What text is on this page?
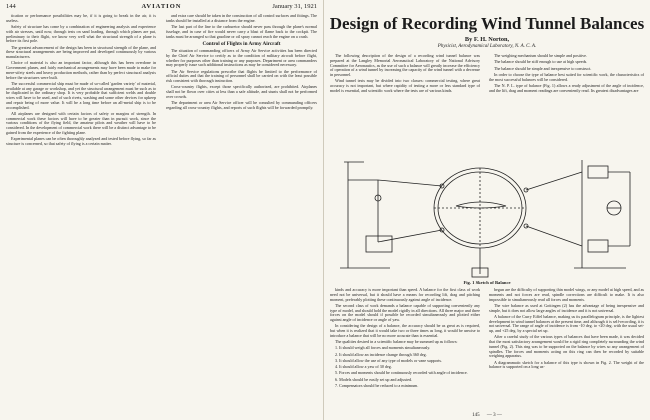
144	AVIATION	January 31, 1921

tication or performance possibilities may be, if it is going to break in the air, it is useless.

Safety of structure has come by a combination of engineering analysis and experience with air stresses, until now, through tests on sand loading, through which planes are put, preliminary to their flight, we know very well what the structural strength of a plane is before its first pole.

The greatest advancement of the design has been in structural strength of the plane, and these structural arrangements are being improved and developed continuously by various manufacturers.

Choice of material is also an important factor, although this has been overdone in Government planes, and fairly mechanical arrangements may have been made to make for mere-sifety steels and heavy production methods, rather than by perfect structural analysis before the structures were built.

The successful commercial ship must be made of so-called 'garden variety' of material, available at any garage or workshop, and yet the structural arrangement must be such as to be duplicated in the ordinary shop. It is very probable that sufficient welds and double wires will have to be used, and of such rivets, washing and some other devices for upkeep and repair being of more value. It will be a long time before an all-metal ship is to be accomplished.

All airplanes are designed with certain factors of safety or margins of strength. In commercial work these factors will have to be greater than in pursuit work, since the various conditions of the flying field, the amateur pilots and weather will have to be considered. In the development of commercial work there will be a distinct advantage to be gained from the experience of the fighting plane.

Experimental planes can be often thoroughly analyzed and tested before flying, so far as structure is concerned, so that safety of flying is a certain matter.

and extra care should be taken in the construction of all control surfaces and fittings. The tanks should be installed at a distance from the engine.

The last part of the line to the carburetor should never pass through the plane's normal fuselage, and in case of fire would never carry a blast of flame back to the cockpit. The tanks must be arranged so that gasoline or oil spray cannot reach the engine on a crash.

Control of Flights in Army Aircraft

The situation of commanding officers of Army Air Service activities has been directed by the Chief Air Service to certify as to the condition of military aircraft before flight, whether for purposes other than training or any purposes. Department or area commanders may properly issue such additional instructions as may be considered necessary.

The Air Service regulations prescribe that flights be limited to the performance of official duties and that the training of personnel shall be carried on with the least possible risk consistent with thorough instruction.

Cross-country flights, except those specifically authorized, are prohibited. Airplanes shall not be flown over cities at less than a safe altitude, and stunts shall not be performed over crowds.

The department or area Air Service officer will be consulted by commanding officers regarding all cross-country flights, and reports of such flights will be forwarded promptly.

Design of Recording Wind Tunnel Balances
By F. H. Norton,
Physicist, Aerodynamical Laboratory, N. A. C. A.

The following description of the design of a recording wind tunnel balance was prepared at the Langley Memorial Aeronautical Laboratory of the National Advisory Committee for Aeronautics, as the use of such a balance will greatly increase the efficiency of operation of a wind tunnel by increasing the capacity of the wind tunnel with a decrease in personnel.

Wind tunnel tests may be divided into two classes: commercial testing, where great accuracy is not important, but where rapidity of testing a more or less standard type of model is essential, and scientific work where the tests are of various kinds.

The weighing mechanism should be simple and positive.

The balance should be stiff enough to use at high speeds.

The balance should be simple and inexpensive to construct.

In order to choose the type of balance best suited for scientific work, the characteristics of the most successful balances will be considered.

The N. P. L. type of balance (Fig. 1) allows a ready adjustment of the angle of incidence, and the lift, drag and moment readings are conveniently read. Its greatest disadvantages are

Fig. 1 Sketch of Balance

kinds and accuracy is more important than speed. A balance for the first class of work need not be universal, but it should have a means for recording lift, drag and pitching moment, preferably plotting these continuously against angle of incidence.

The second class of work demands a balance capable of supporting conveniently any type of model, and should hold the model rigidly in all directions. All three major and three forces on the model should if possible be recorded simultaneously and plotted either against angle of incidence or angle of yaw.

In considering the design of a balance, the accuracy should be as great as is required, but when it is realized that it would take two or three times as long, it would be unwise to introduce a balance that will be no more accurate than is essential.

The qualities desired in a scientific balance may be summed up as follows:

1. It should weigh all forces and moments simultaneously.

2. It should allow an incidence change through 360 deg.

3. It should allow the use of any type of models or vane supports.

4. It should allow a yaw of 30 deg.

5. Forces and moments should be continuously recorded with angle of incidence.

6. Models should be easily set up and adjusted.

7. Compensators should be reduced to a minimum.

begun are the difficulty of supporting thin model wings, or any model at high speed, and as moments and not forces are read, spindle corrections are difficult to make. It is also impossible to simultaneously read all forces and moments.

The wire balance as used at Gottingen (2) has the advantage of being inexpensive and simple, but it does not allow large angles of incidence and it is not universal.

A balance of the Curry Eiffel balance, making us its parallelogram principle, is the lightest development in wind tunnel balances at the present time, and although it is self-recording, it is not universal. The range of angle of incidence is from -10 deg. to +20 deg. with the usual set-up, and +25 deg. by a special set up.

After a careful study of the various types of balances that have been made, it was decided that the most satisfactory arrangement would be a rigid ring completely surrounding the wind tunnel (Fig. 2). This ring was to be supported on the balance by wires so any arrangement of spindles. The forces and moments acting on this ring can then be recorded by suitable weighing apparatus.

A diagrammatic sketch for a balance of this type is shown in Fig. 2. The weight of the balance is supported on a long us-

145 — 3 —
